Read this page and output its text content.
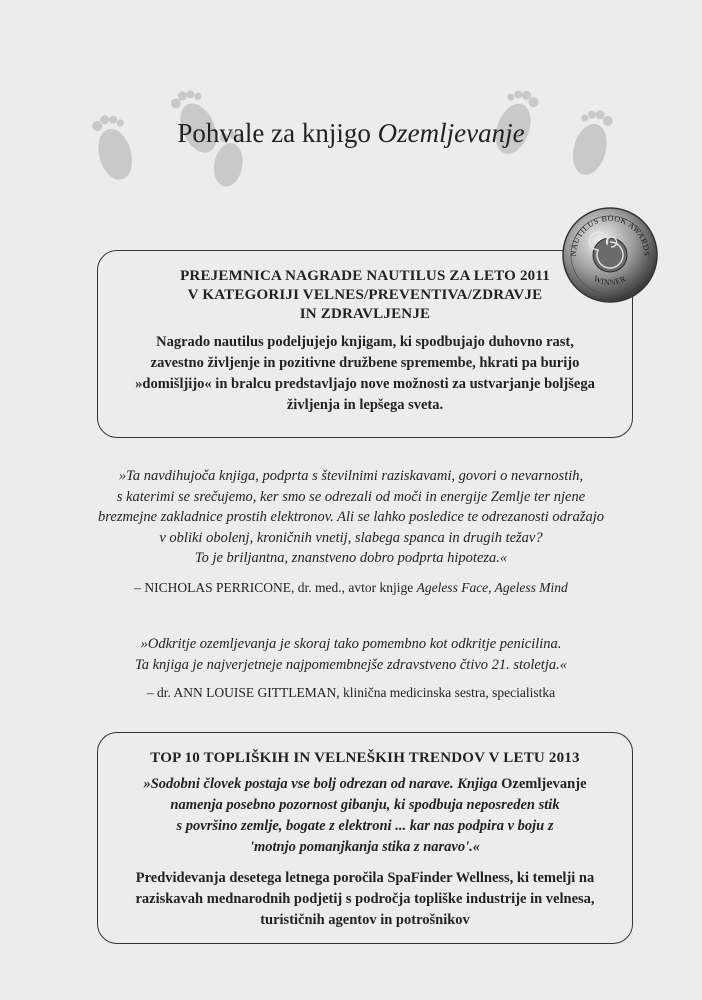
Pohvale za knjigo Ozemljevanje
PREJEMNICA NAGRADE NAUTILUS ZA LETO 2011
V KATEGORIJI VELNES/PREVENTIVA/ZDRAVJE
IN ZDRAVLJENJE
Nagrado nautilus podeljujejo knjigam, ki spodbujajo duhovno rast,
zavestno življenje in pozitivne družbene spremembe, hkrati pa burijo
»domišljijo« in bralcu predstavljajo nove možnosti za ustvarjanje boljšega
življenja in lepšega sveta.
NAUTILUS BOOK AWARDS
WINNER
»Ta navdihujoča knjiga, podprta s številnimi raziskavami, govori o nevarnostih,
s katerimi se srečujemo, ker smo se odrezali od moči in energije Zemlje ter njene
brezmejne zakladnice prostih elektronov. Ali se lahko posledice te odrezanosti odražajo
v obliki obolenj, kroničnih vnetij, slabega spanca in drugih težav?
To je briljantna, znanstveno dobro podprta hipoteza.«
– NICHOLAS PERRICONE, dr. med., avtor knjige Ageless Face, Ageless Mind
»Odkritje ozemljevanja je skoraj tako pomembno kot odkritje penicilina.
Ta knjiga je najverjetneje najpomembnejše zdravstveno čtivo 21. stoletja.«
– dr. ANN LOUISE GITTLEMAN, klinična medicinska sestra, specialistka
TOP 10 TOPLIŠKIH IN VELNEŠKIH TRENDOV V LETU 2013
»Sodobni človek postaja vse bolj odrezan od narave. Knjiga Ozemljevanje
namenja posebno pozornost gibanju, ki spodbuja neposreden stik
s površino zemlje, bogate z elektroni ... kar nas podpira v boju z
'motnjo pomanjkanja stika z naravo'.«
Predvidevanja desetega letnega poročila SpaFinder Wellness, ki temelji na
raziskavah mednarodnih podjetij s področja topliške industrije in velnesa,
turističnih agentov in potrošnikov
